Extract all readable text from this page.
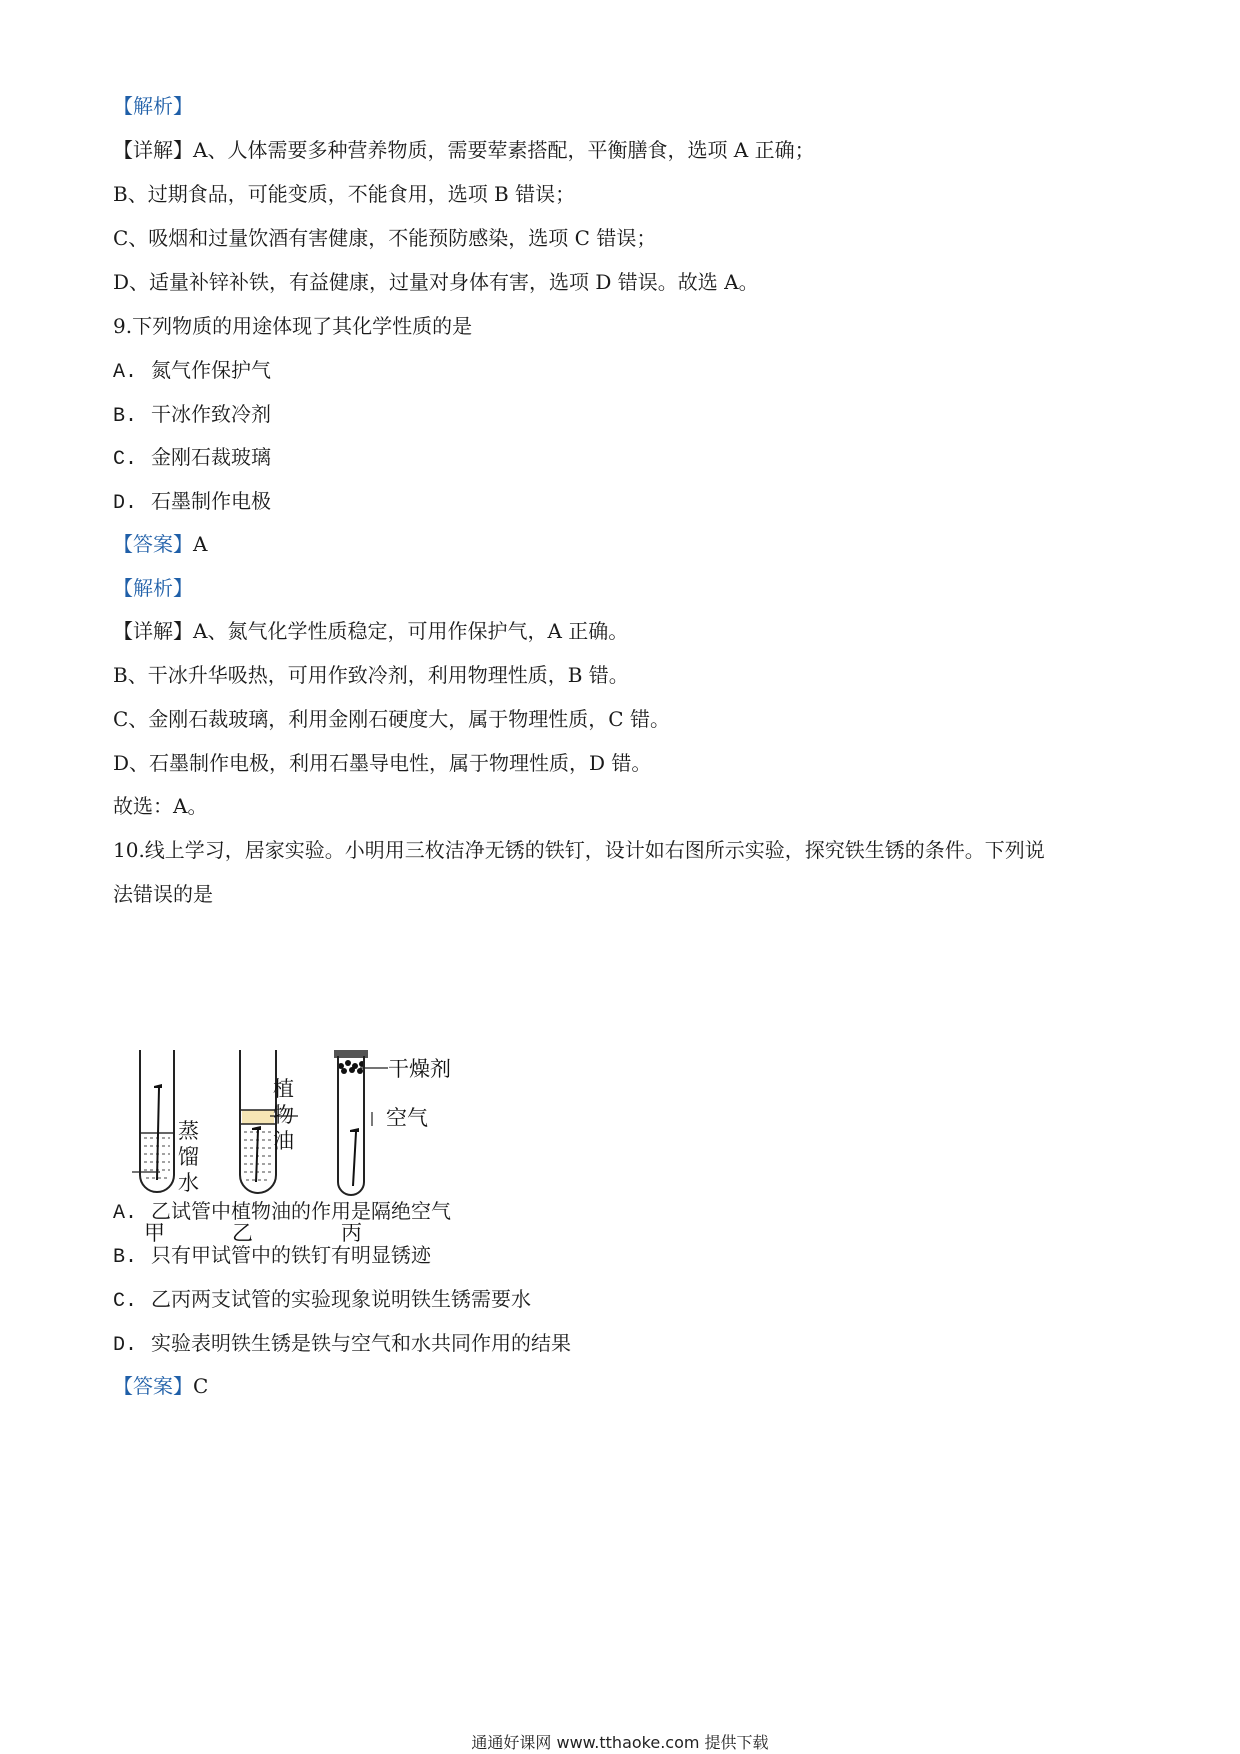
【解析】
【详解】A、人体需要多种营养物质，需要荤素搭配，平衡膳食，选项 A 正确；
B、过期食品，可能变质，不能食用，选项 B 错误；
C、吸烟和过量饮酒有害健康，不能预防感染，选项 C 错误；
D、适量补锌补铁，有益健康，过量对身体有害，选项 D 错误。故选 A。
9.下列物质的用途体现了其化学性质的是
A. 氮气作保护气
B. 干冰作致冷剂
C. 金刚石裁玻璃
D. 石墨制作电极
【答案】A
【解析】
【详解】A、氮气化学性质稳定，可用作保护气，A 正确。
B、干冰升华吸热，可用作致冷剂，利用物理性质，B 错。
C、金刚石裁玻璃，利用金刚石硬度大，属于物理性质，C 错。
D、石墨制作电极，利用石墨导电性，属于物理性质，D 错。
故选：A。
10.线上学习，居家实验。小明用三枚洁净无锈的铁钉，设计如右图所示实验，探究铁生锈的条件。下列说
法错误的是
蒸
馏
水
植
物
油
干燥剂
空气
甲	乙	丙
A. 乙试管中植物油的作用是隔绝空气
B. 只有甲试管中的铁钉有明显锈迹
C. 乙丙两支试管的实验现象说明铁生锈需要水
D. 实验表明铁生锈是铁与空气和水共同作用的结果
【答案】C
通通好课网 www.tthaoke.com 提供下载
